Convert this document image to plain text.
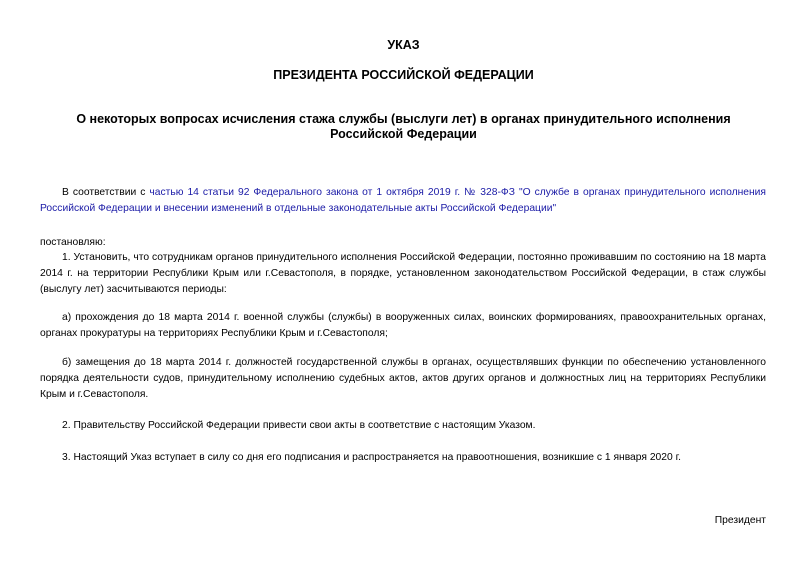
УКАЗ
ПРЕЗИДЕНТА РОССИЙСКОЙ ФЕДЕРАЦИИ
О некоторых вопросах исчисления стажа службы (выслуги лет) в органах принудительного исполнения Российской Федерации
В соответствии с частью 14 статьи 92 Федерального закона от 1 октября 2019 г. № 328-ФЗ "О службе в органах принудительного исполнения Российской Федерации и внесении изменений в отдельные законодательные акты Российской Федерации"
постановляю:
1. Установить, что сотрудникам органов принудительного исполнения Российской Федерации, постоянно проживавшим по состоянию на 18 марта 2014 г. на территории Республики Крым или г.Севастополя, в порядке, установленном законодательством Российской Федерации, в стаж службы (выслугу лет) засчитываются периоды:
а) прохождения до 18 марта 2014 г. военной службы (службы) в вооруженных силах, воинских формированиях, правоохранительных органах, органах прокуратуры на территориях Республики Крым и г.Севастополя;
б) замещения до 18 марта 2014 г. должностей государственной службы в органах, осуществлявших функции по обеспечению установленного порядка деятельности судов, принудительному исполнению судебных актов, актов других органов и должностных лиц на территориях Республики Крым и г.Севастополя.
2. Правительству Российской Федерации привести свои акты в соответствие с настоящим Указом.
3. Настоящий Указ вступает в силу со дня его подписания и распространяется на правоотношения, возникшие с 1 января 2020 г.
Президент
